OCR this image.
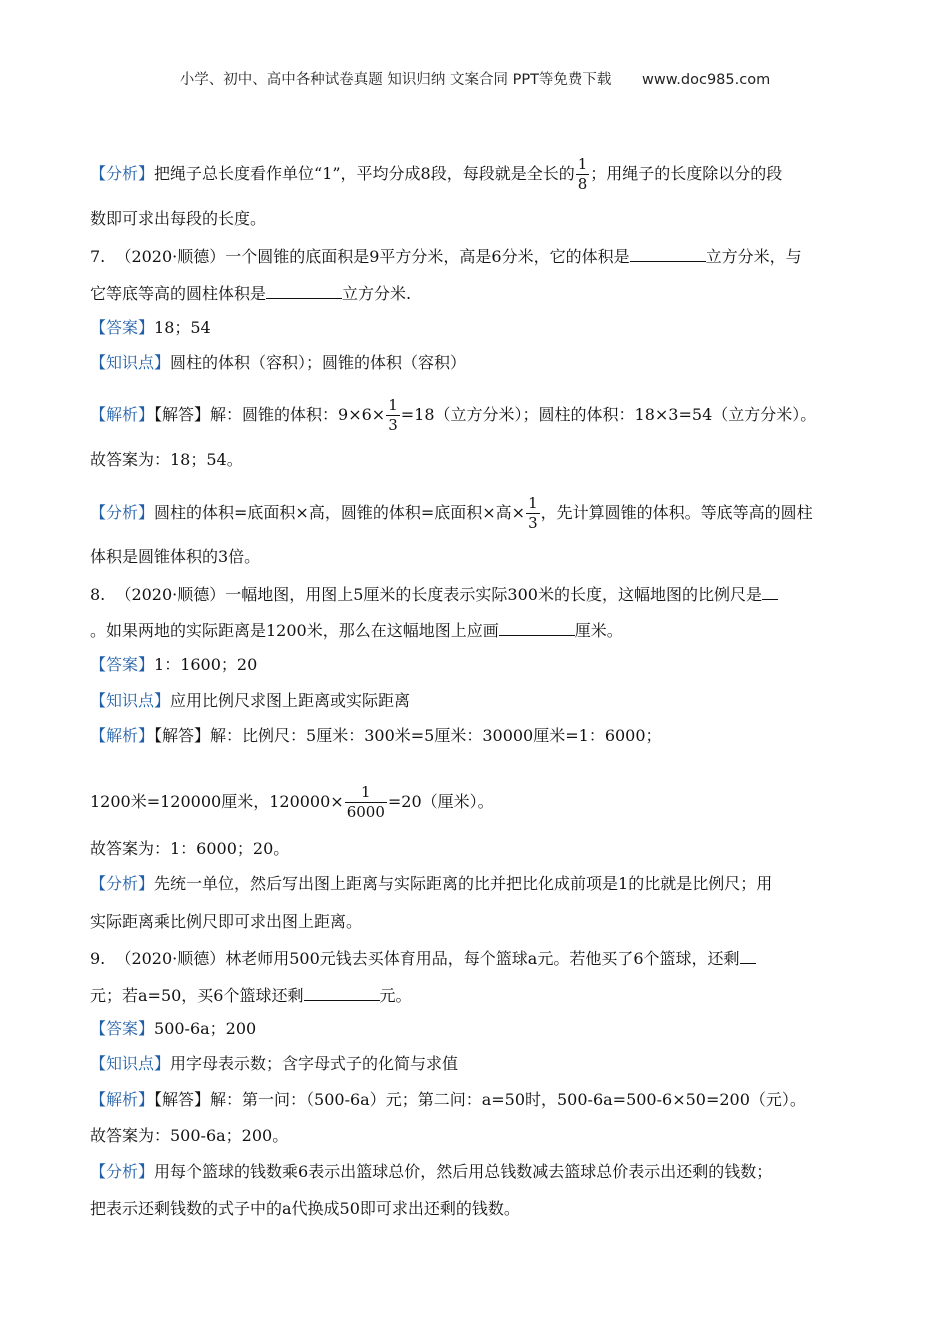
小学、初中、高中各种试卷真题 知识归纳 文案合同 PPT等免费下载 www.doc985.com
【分析】把绳子总长度看作单位“1”，平均分成8段，每段就是全长的 $\frac{1}{8}$ ；用绳子的长度除以分的段
数即可求出每段的长度。
7. （2020·顺德）一个圆锥的底面积是9平方分米，高是6分米，它的体积是	立方分米，与
它等底等高的圆柱体积是	立方分米.
【答案】18；54
【知识点】圆柱的体积（容积）；圆锥的体积（容积）
【解析】【解答】解：圆锥的体积：$9\times 6\times \frac{1}{3} =18$（立方分米）；圆柱的体积：18×3=54（立方分米）。
故答案为：18；54。
【分析】圆柱的体积=底面积×高，圆锥的体积=底面积×高× $\frac{1}{3}$ ，先计算圆锥的体积。等底等高的圆柱
体积是圆锥体积的3倍。
8. （2020·顺德）一幅地图，用图上5厘米的长度表示实际300米的长度，这幅地图的比例尺是
。如果两地的实际距离是1200米，那么在这幅地图上应画	厘米。
【答案】1：1600；20
【知识点】应用比例尺求图上距离或实际距离
【解析】【解答】解：比例尺：5厘米：300米=5厘米：30000厘米=1：6000；
1200米=120000厘米，$120000\times \frac{1}{6000} =20$（厘米）。
故答案为：1：6000；20。
【分析】先统一单位，然后写出图上距离与实际距离的比并把比化成前项是1的比就是比例尺；用
实际距离乘比例尺即可求出图上距离。
9. （2020·顺德）林老师用500元钱去买体育用品，每个篮球a元。若他买了6个篮球，还剩
元；若a=50，买6个篮球还剩	元。
【答案】500-6a；200
【知识点】用字母表示数；含字母式子的化简与求值
【解析】【解答】解：第一问：（500-6a）元；第二问：a=50时，500-6a=500-6×50=200（元）。
故答案为：500-6a；200。
【分析】用每个篮球的钱数乘6表示出篮球总价，然后用总钱数减去篮球总价表示出还剩的钱数；
把表示还剩钱数的式子中的a代换成50即可求出还剩的钱数。
